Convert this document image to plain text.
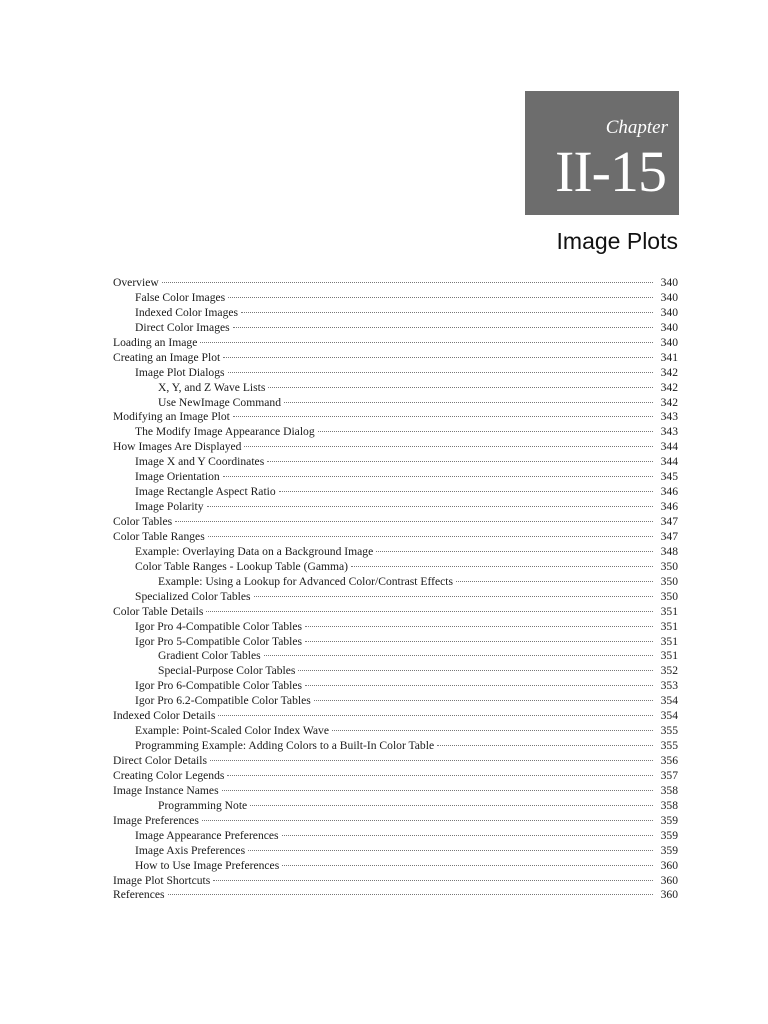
Chapter
II-15
Image Plots
Overview	340
False Color Images	340
Indexed Color Images	340
Direct Color Images	340
Loading an Image	340
Creating an Image Plot	341
Image Plot Dialogs	342
X, Y, and Z Wave Lists	342
Use NewImage Command	342
Modifying an Image Plot	343
The Modify Image Appearance Dialog	343
How Images Are Displayed	344
Image X and Y Coordinates	344
Image Orientation	345
Image Rectangle Aspect Ratio	346
Image Polarity	346
Color Tables	347
Color Table Ranges	347
Example: Overlaying Data on a Background Image	348
Color Table Ranges - Lookup Table (Gamma)	350
Example: Using a Lookup for Advanced Color/Contrast Effects	350
Specialized Color Tables	350
Color Table Details	351
Igor Pro 4-Compatible Color Tables	351
Igor Pro 5-Compatible Color Tables	351
Gradient Color Tables	351
Special-Purpose Color Tables	352
Igor Pro 6-Compatible Color Tables	353
Igor Pro 6.2-Compatible Color Tables	354
Indexed Color Details	354
Example: Point-Scaled Color Index Wave	355
Programming Example: Adding Colors to a Built-In Color Table	355
Direct Color Details	356
Creating Color Legends	357
Image Instance Names	358
Programming Note	358
Image Preferences	359
Image Appearance Preferences	359
Image Axis Preferences	359
How to Use Image Preferences	360
Image Plot Shortcuts	360
References	360
